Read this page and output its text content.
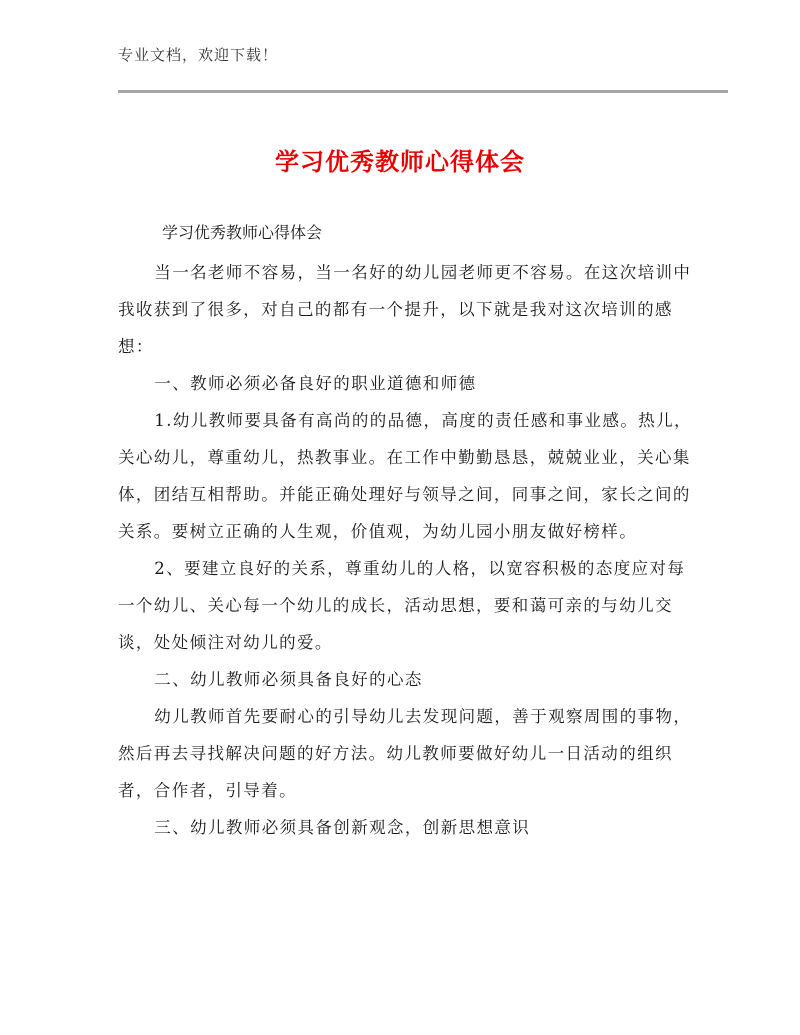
专业文档，欢迎下载！
学习优秀教师心得体会
学习优秀教师心得体会

当一名老师不容易，当一名好的幼儿园老师更不容易。在这次培训中我收获到了很多，对自己的都有一个提升，以下就是我对这次培训的感想：

一、教师必须必备良好的职业道德和师德

1.幼儿教师要具备有高尚的的品德，高度的责任感和事业感。热儿，关心幼儿，尊重幼儿，热教事业。在工作中勤勤恳恳，兢兢业业，关心集体，团结互相帮助。并能正确处理好与领导之间，同事之间，家长之间的关系。要树立正确的人生观，价值观，为幼儿园小朋友做好榜样。

2、要建立良好的关系，尊重幼儿的人格，以宽容积极的态度应对每一个幼儿、关心每一个幼儿的成长，活动思想，要和蔼可亲的与幼儿交谈，处处倾注对幼儿的爱。

二、幼儿教师必须具备良好的心态

幼儿教师首先要耐心的引导幼儿去发现问题，善于观察周围的事物，然后再去寻找解决问题的好方法。幼儿教师要做好幼儿一日活动的组织者，合作者，引导着。

三、幼儿教师必须具备创新观念，创新思想意识
